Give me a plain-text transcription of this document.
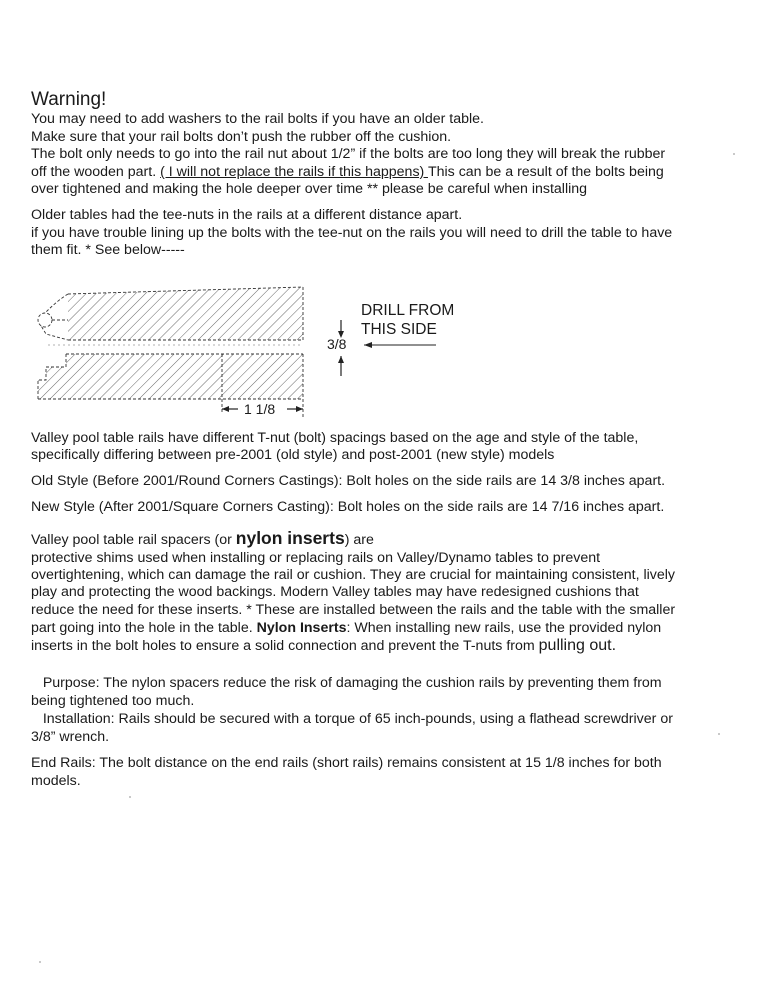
Warning!
You may need to add washers to the rail bolts if you have an older table.
Make sure that your rail bolts don’t push the rubber off the cushion.
The bolt only needs to go into the rail nut about 1/2” if the bolts are too long they will break the rubber
off the wooden part. ( I will not replace the rails if this happens) This can be a result of the bolts being
over tightened and making the hole deeper over time ** please be careful when installing
Older tables had the tee-nuts in the rails at a different distance apart.
if you have trouble lining up the bolts with the tee-nut on the rails you will need to drill the table to have
them fit. * See below-----
3/8
DRILL FROM
THIS SIDE
1 1/8
Valley pool table rails have different T-nut (bolt) spacings based on the age and style of the table,
specifically differing between pre-2001 (old style) and post-2001 (new style) models
Old Style (Before 2001/Round Corners Castings): Bolt holes on the side rails are 14 3/8 inches apart.
New Style (After 2001/Square Corners Casting): Bolt holes on the side rails are 14 7/16 inches apart.
Valley pool table rail spacers (or nylon inserts) are
protective shims used when installing or replacing rails on Valley/Dynamo tables to prevent
overtightening, which can damage the rail or cushion. They are crucial for maintaining consistent, lively
play and protecting the wood backings. Modern Valley tables may have redesigned cushions that
reduce the need for these inserts. * These are installed between the rails and the table with the smaller
part going into the hole in the table. Nylon Inserts: When installing new rails, use the provided nylon
inserts in the bolt holes to ensure a solid connection and prevent the T-nuts from pulling out.
Purpose: The nylon spacers reduce the risk of damaging the cushion rails by preventing them from
being tightened too much.
Installation: Rails should be secured with a torque of 65 inch-pounds, using a flathead screwdriver or
3/8” wrench.
End Rails: The bolt distance on the end rails (short rails) remains consistent at 15 1/8 inches for both
models.
